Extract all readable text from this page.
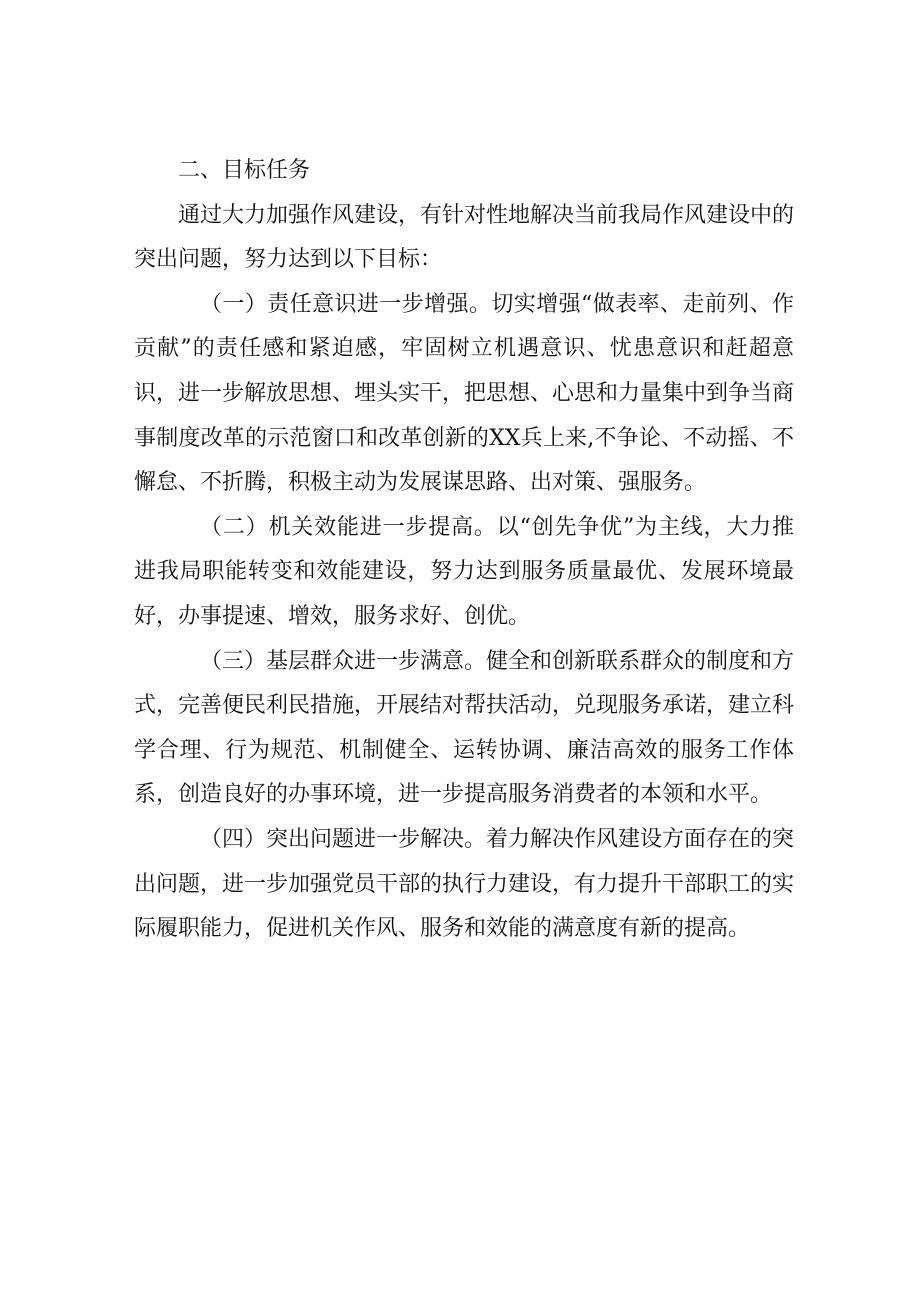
二、目标任务

通过大力加强作风建设，有针对性地解决当前我局作风建设中的突出问题，努力达到以下目标：

（一）责任意识进一步增强。切实增强“做表率、走前列、作贡献”的责任感和紧迫感，牢固树立机遇意识、忧患意识和赶超意识，进一步解放思想、埋头实干，把思想、心思和力量集中到争当商事制度改革的示范窗口和改革创新的XX兵上来,不争论、不动摇、不懈怠、不折腾，积极主动为发展谋思路、出对策、强服务。

（二）机关效能进一步提高。以“创先争优”为主线，大力推进我局职能转变和效能建设，努力达到服务质量最优、发展环境最好，办事提速、增效，服务求好、创优。

（三）基层群众进一步满意。健全和创新联系群众的制度和方式，完善便民利民措施，开展结对帮扶活动，兑现服务承诺，建立科学合理、行为规范、机制健全、运转协调、廉洁高效的服务工作体系，创造良好的办事环境，进一步提高服务消费者的本领和水平。

（四）突出问题进一步解决。着力解决作风建设方面存在的突出问题，进一步加强党员干部的执行力建设，有力提升干部职工的实际履职能力，促进机关作风、服务和效能的满意度有新的提高。
